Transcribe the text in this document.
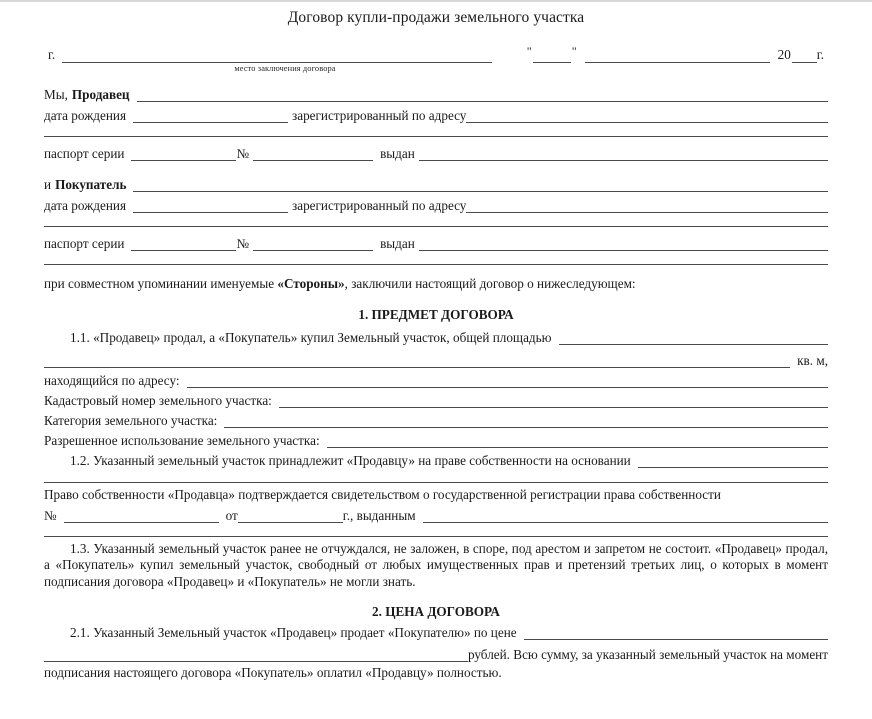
Договор купли-продажи земельного участка
г.
место заключения договора
"	"	20 г.
Мы, Продавец
дата рождения	зарегистрированный по адресу
паспорт серии	№	выдан
и Покупатель
дата рождения	зарегистрированный по адресу
паспорт серии	№	выдан
при совместном упоминании именуемые «Стороны», заключили настоящий договор о нижеследующем:
1. ПРЕДМЕТ ДОГОВОРА
1.1. «Продавец» продал, а «Покупатель» купил Земельный участок, общей площадью
кв. м,
находящийся по адресу:
Кадастровый номер земельного участка:
Категория земельного участка:
Разрешенное использование земельного участка:
1.2. Указанный земельный участок принадлежит «Продавцу» на праве собственности на основании
Право собственности «Продавца» подтверждается свидетельством о государственной регистрации права собственности
№	от	г., выданным
1.3. Указанный земельный участок ранее не отчуждался, не заложен, в споре, под арестом и запретом не состоит. «Продавец» продал, а «Покупатель» купил земельный участок, свободный от любых имущественных прав и претензий третьих лиц, о которых в момент подписания договора «Продавец» и «Покупатель» не могли знать.
2. ЦЕНА ДОГОВОРА
2.1. Указанный Земельный участок «Продавец» продает «Покупателю» по цене
рублей. Всю сумму, за указанный земельный участок на момент
подписания настоящего договора «Покупатель» оплатил «Продавцу» полностью.
